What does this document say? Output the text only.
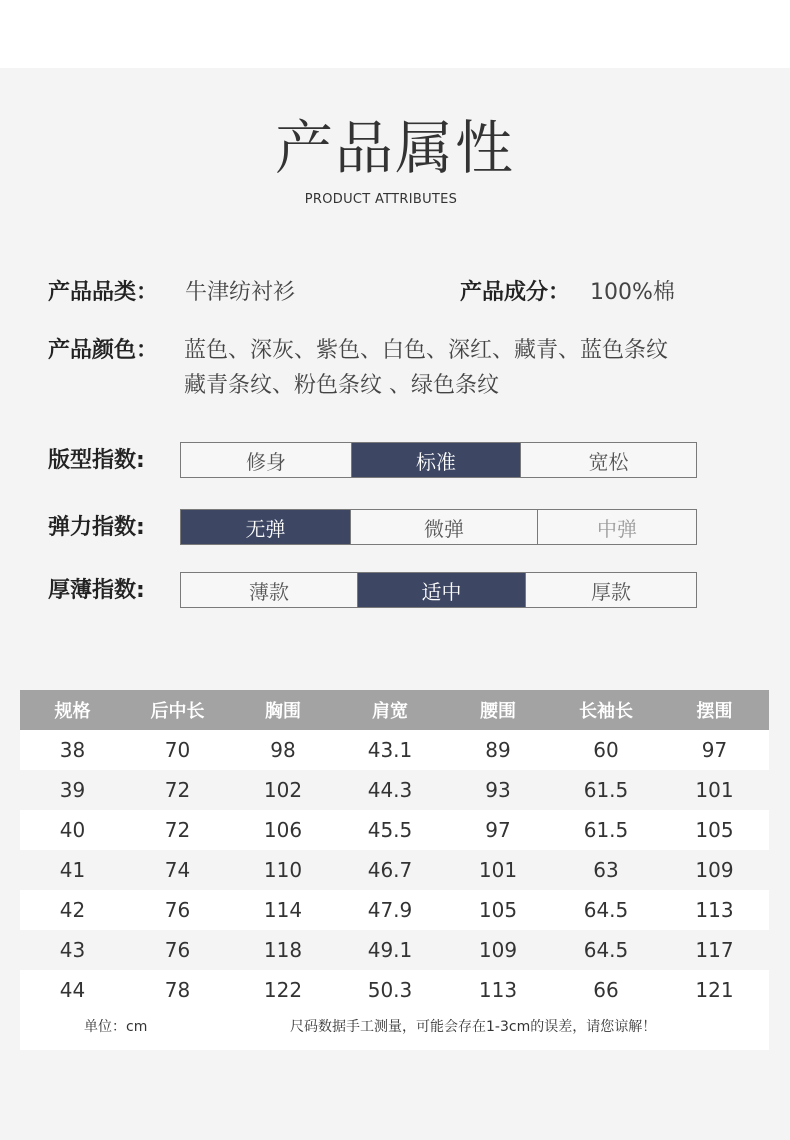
产品属性
PRODUCT ATTRIBUTES
产品品类： 牛津纺衬衫	产品成分： 100%棉
产品颜色： 蓝色、深灰、紫色、白色、深红、藏青、蓝色条纹
藏青条纹、粉色条纹 、绿色条纹
版型指数:	修身	标准	宽松
弹力指数:	无弹	微弹	中弹
厚薄指数:	薄款	适中	厚款
规格	后中长	胸围	肩宽	腰围	长袖长	摆围
38	70	98	43.1	89	60	97
39	72	102	44.3	93	61.5	101
40	72	106	45.5	97	61.5	105
41	74	110	46.7	101	63	109
42	76	114	47.9	105	64.5	113
43	76	118	49.1	109	64.5	117
44	78	122	50.3	113	66	121
单位：cm	尺码数据手工测量，可能会存在1-3cm的误差，请您谅解！
